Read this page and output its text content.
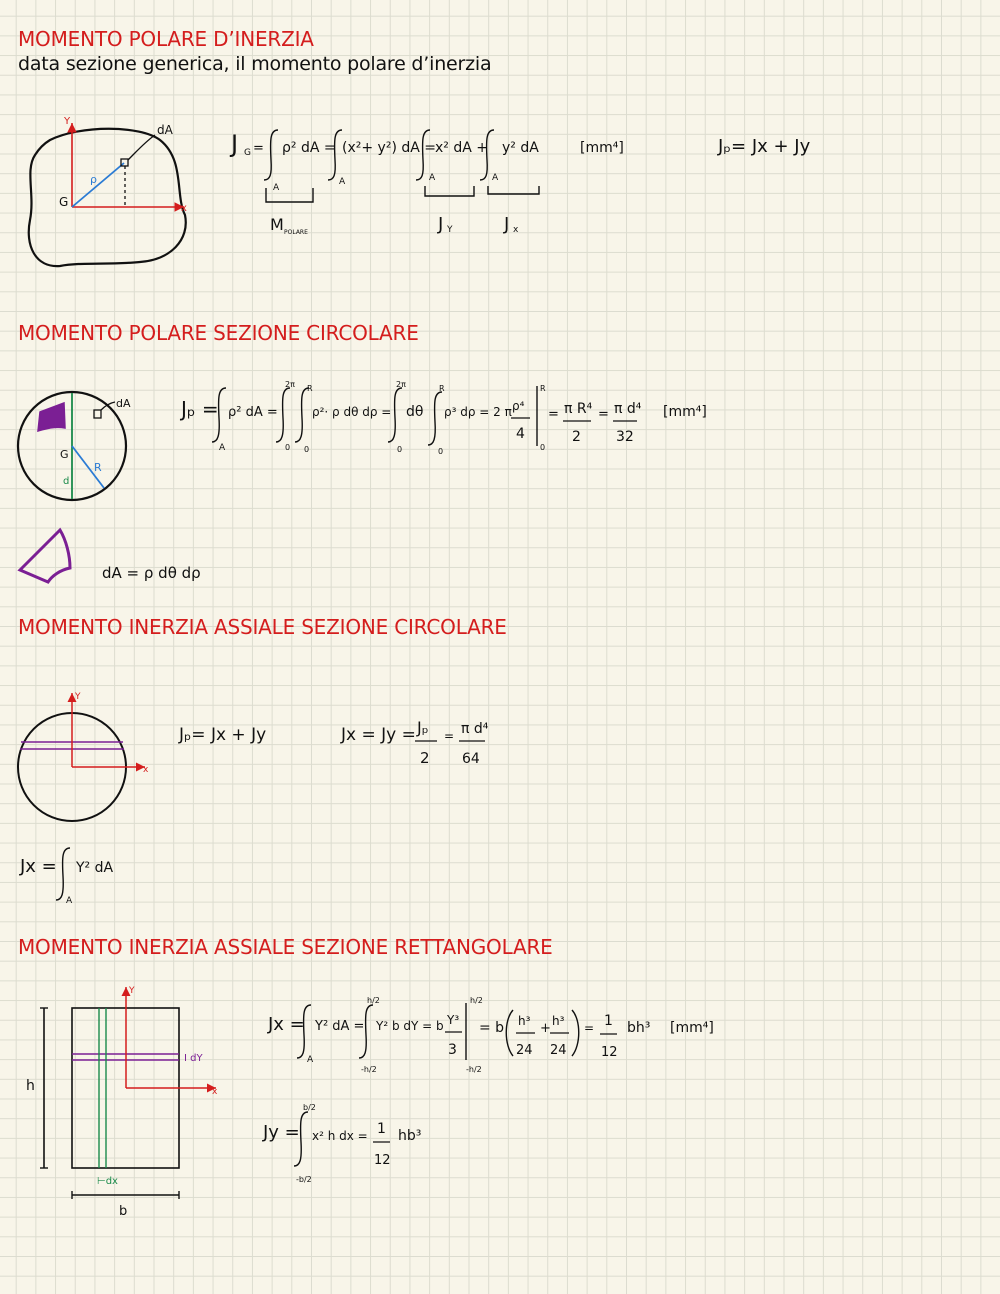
MOMENTO POLARE D’INERZIA
data sezione generica, il momento polare d’inerzia
MOMENTO POLARE SEZIONE CIRCOLARE
MOMENTO INERZIA ASSIALE SEZIONE CIRCOLARE
MOMENTO INERZIA ASSIALE SEZIONE RETTANGOLARE
Y
x
G
ρ
dA J G = ρ² dA =
A
(x²+ y²) dA =
A
x² dA +
A
y² dA
A
[mm⁴]
M POLARE	J Y	J x
Jₚ= Jx + Jy
dA
G
R
d
Jₚ =
A
ρ² dA =
2π R
0 0
ρ²· ρ dθ dρ =
2π
0
dθ
R
0
ρ³ dρ = 2 π ρ⁴
4
R
0
= π R⁴
2
= π d⁴
32
[mm⁴]
dA = ρ dθ dρ
Y
x
Jₚ= Jx + Jy	Jx = Jy = Jₚ
2
= π d⁴
64
Jx =
A
Y² dA
Y
x
h
b
I dY
⊢dx
Jx =
A
Y² dA =
h/2
-h/2
Y² b dY = b Y³
3
h/2
-h/2
= b h³
24
+ h³
24
= 1
12
bh³ [mm⁴]
Jy =
b/2
-b/2
x² h dx = 1
12
hb³
